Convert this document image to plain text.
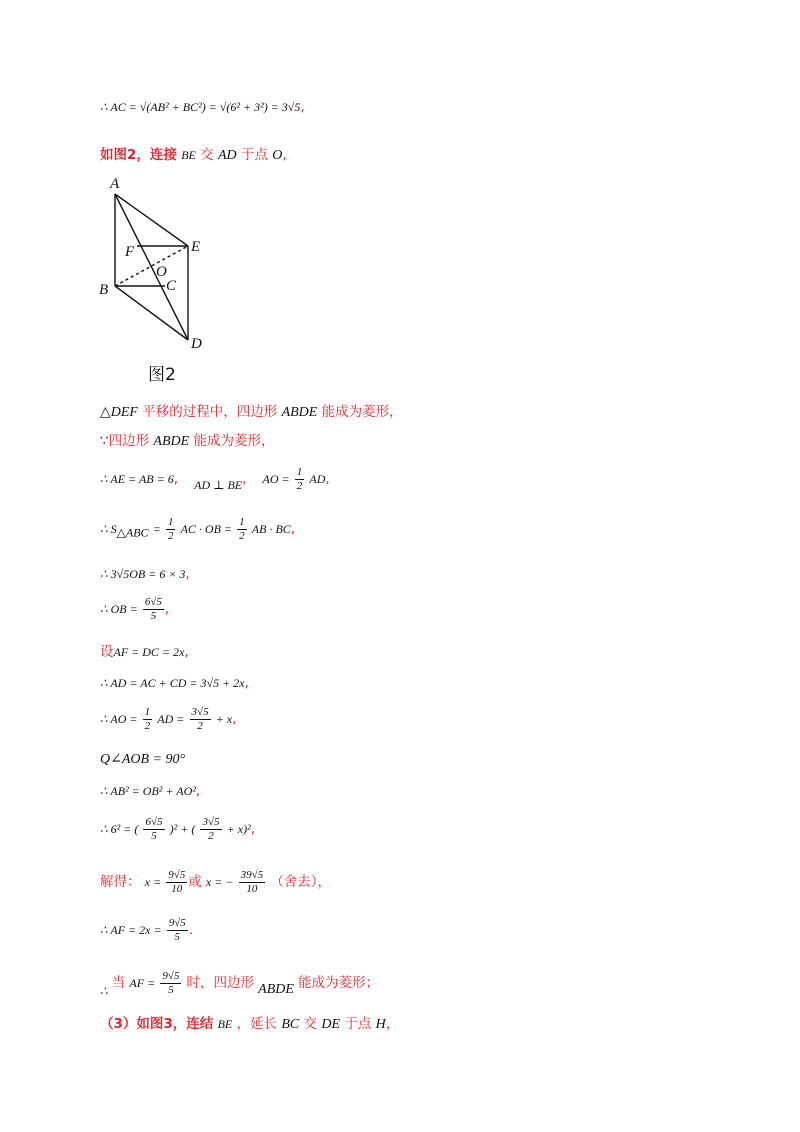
∴ AC = √(AB² + BC²) = √(6² + 3²) = 3√5,
如图2，连接 BE 交 AD 于点 O,
A
B	C
D
E
F
O
图2
△DEF 平移的过程中，四边形 ABDE 能成为菱形，
∵四边形 ABDE 能成为菱形，
∴ AE = AB = 6, AD ⊥ BE, AO = $\frac{1}{2}$ AD,
∴ $S_{\triangle ABC} = \frac{1}{2}$ AC · OB = $\frac{1}{2}$ AB · BC,
∴ 3√5OB = 6 × 3,
∴ OB = $\frac{6√5}{5}$ ,
设AF = DC = 2x,
∴ AD = AC + CD = 3√5 + 2x,
∴ AO = $\frac{1}{2}$ AD = $\frac{3√5}{2} + x$,
Q∠AOB = 90°
∴ AB² = OB² + AO²,
∴ 6² = ( $\frac{6√5}{5} )^2$ + ( $\frac{3√5}{2} + x)^2$,
解得： $x = \frac{9√5}{10}$ 或 x = − $\frac{39√5}{10}$ （舍去），
∴ AF = $2x = \frac{9√5}{5}$ .
∴ 当 AF = $\frac{9√5}{5}$ 时，四边形 ABDE 能成为菱形；
（3）如图3，连结 BE ，延长 BC 交 DE 于点 H，
